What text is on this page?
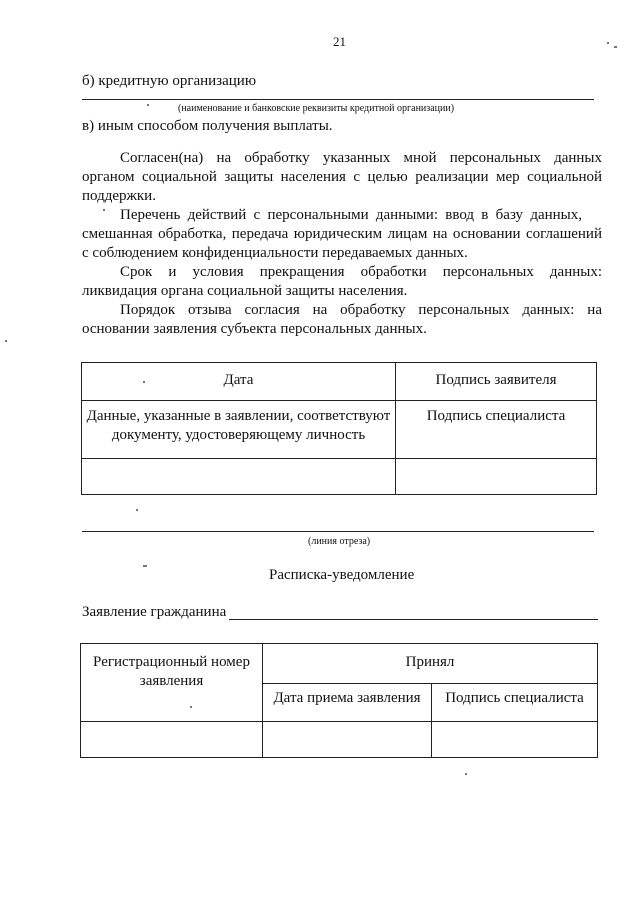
21
б) кредитную организацию
(наименование и банковские реквизиты кредитной организации)
в) иным способом получения выплаты.
Согласен(на) на обработку указанных мной персональных данных
органом социальной защиты населения с целью реализации мер социальной
поддержки.
Перечень действий с персональными данными: ввод в базу данных,
смешанная обработка, передача юридическим лицам на основании соглашений
с соблюдением конфиденциальности передаваемых данных.
Срок и условия прекращения обработки персональных данных:
ликвидация органа социальной защиты населения.
Порядок отзыва согласия на обработку персональных данных: на
основании заявления субъекта персональных данных.
Дата	Подпись заявителя

Данные, указанные в заявлении, соответствуют
документу, удостоверяющему личность	Подпись специалиста

(линия отреза)
Расписка-уведомление
Заявление гражданина
Регистрационный номер
заявления	Принял	
	Дата приема заявления	Подпись специалиста
